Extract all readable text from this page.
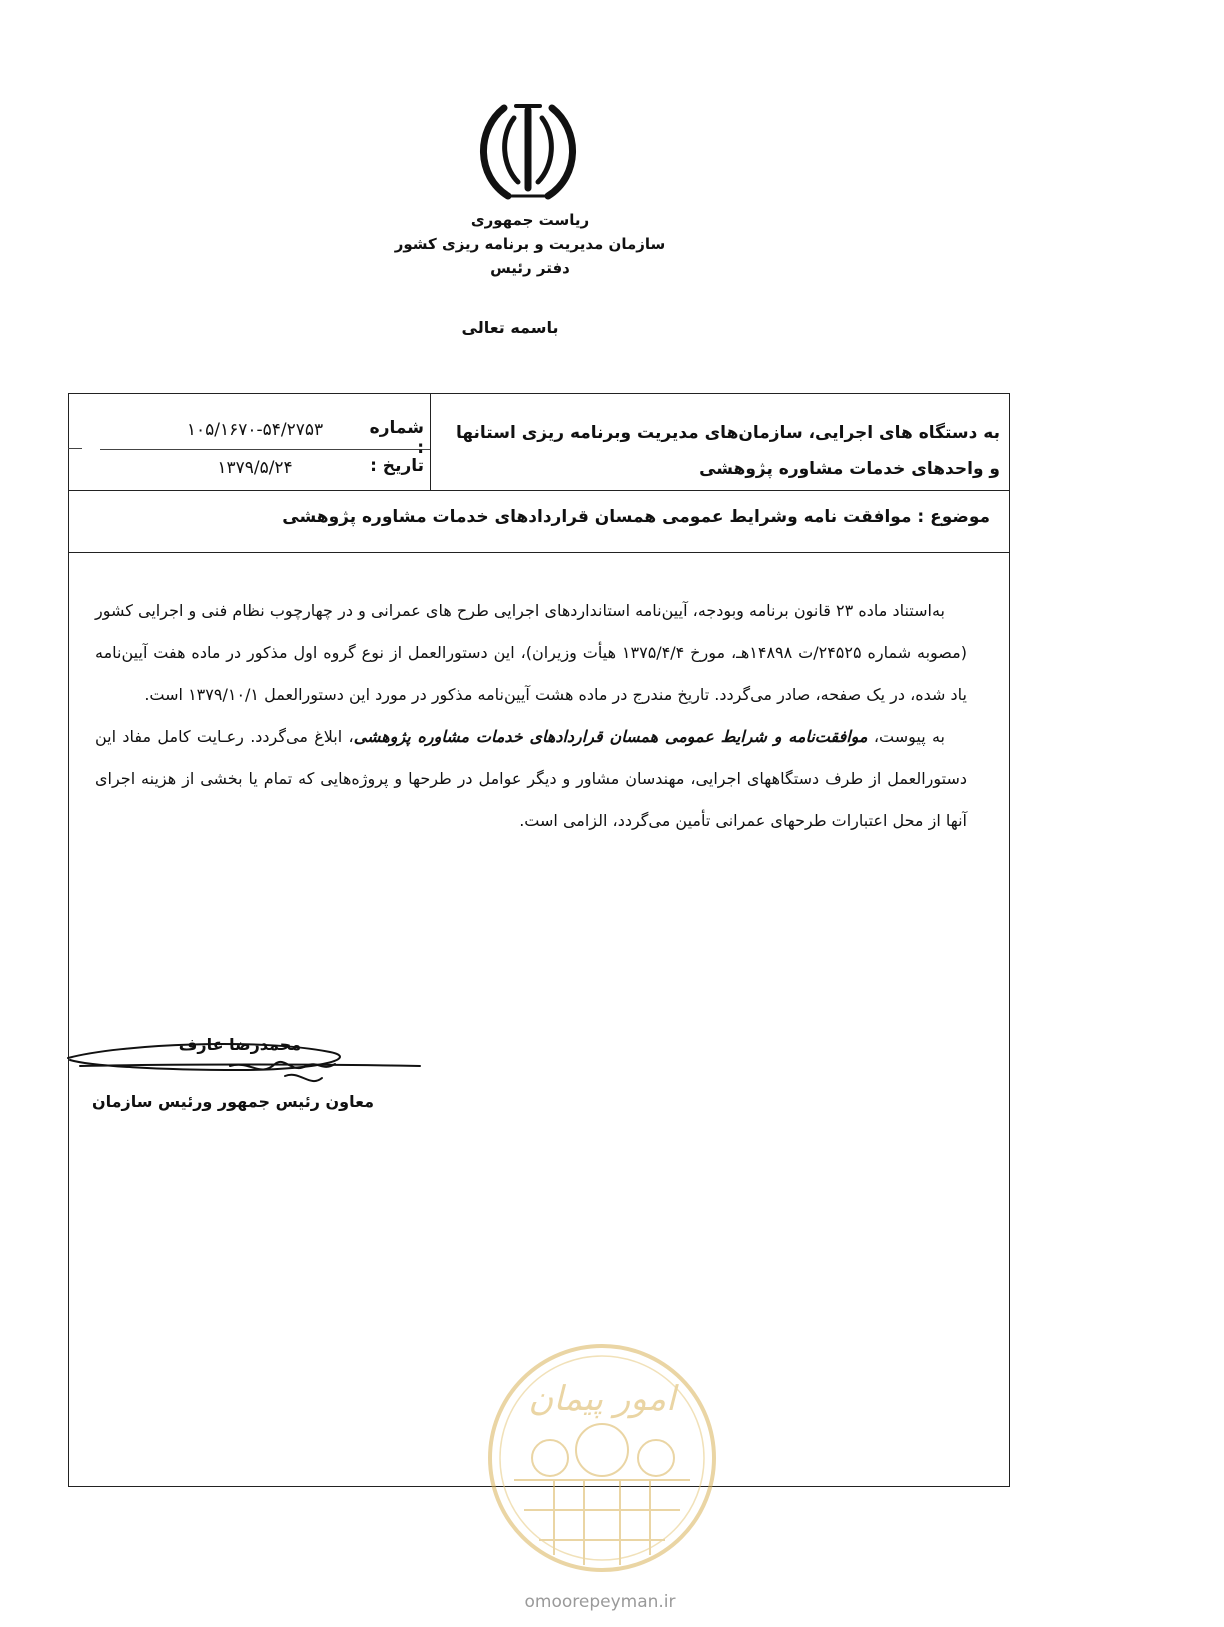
ریاست جمهوری
سازمان مدیریت و برنامه ریزی کشور
دفتر رئیس
باسمه تعالی
به دستگاه های اجرایی، سازمان‌های مدیریت وبرنامه ریزی استانها
و واحدهای خدمات مشاوره پژوهشی
شماره :
۱۰۵/۱۶۷۰-۵۴/۲۷۵۳
تاریخ :
۱۳۷۹/۵/۲۴
موضوع : موافقت نامه وشرایط عمومی همسان قراردادهای خدمات مشاوره پژوهشی

به‌استناد ماده ۲۳ قانون برنامه وبودجه، آیین‌نامه استانداردهای اجرایی طرح های عمرانی و در چهارچوب نظام فنی و اجرایی کشور (مصوبه شماره ۲۴۵۲۵/ت ۱۴۸۹۸هـ، مورخ ۱۳۷۵/۴/۴ هیأت وزیران)، این دستورالعمل از نوع گروه اول مذکور در ماده هفت آیین‌نامه یاد شده، در یک صفحه، صادر می‌گردد. تاریخ مندرج در ماده هشت آیین‌نامه مذکور در مورد این دستورالعمل ۱۳۷۹/۱۰/۱ است.

به پیوست، موافقت‌نامه و شرایط عمومی همسان قراردادهای خدمات مشاوره پژوهشی، ابلاغ می‌گردد. رعـایت کامل مفاد این دستورالعمل از طرف دستگاههای اجرایی، مهندسان مشاور و دیگر عوامل در طرحها و پروژه‌هایی که تمام یا بخشی از هزینه اجرای آنها از محل اعتبارات طرحهای عمرانی تأمین می‌گردد، الزامی است.

محمدرضا عارف
معاون رئیس جمهور ورئیس سازمان
امور پیمان
omoorepeyman.ir
